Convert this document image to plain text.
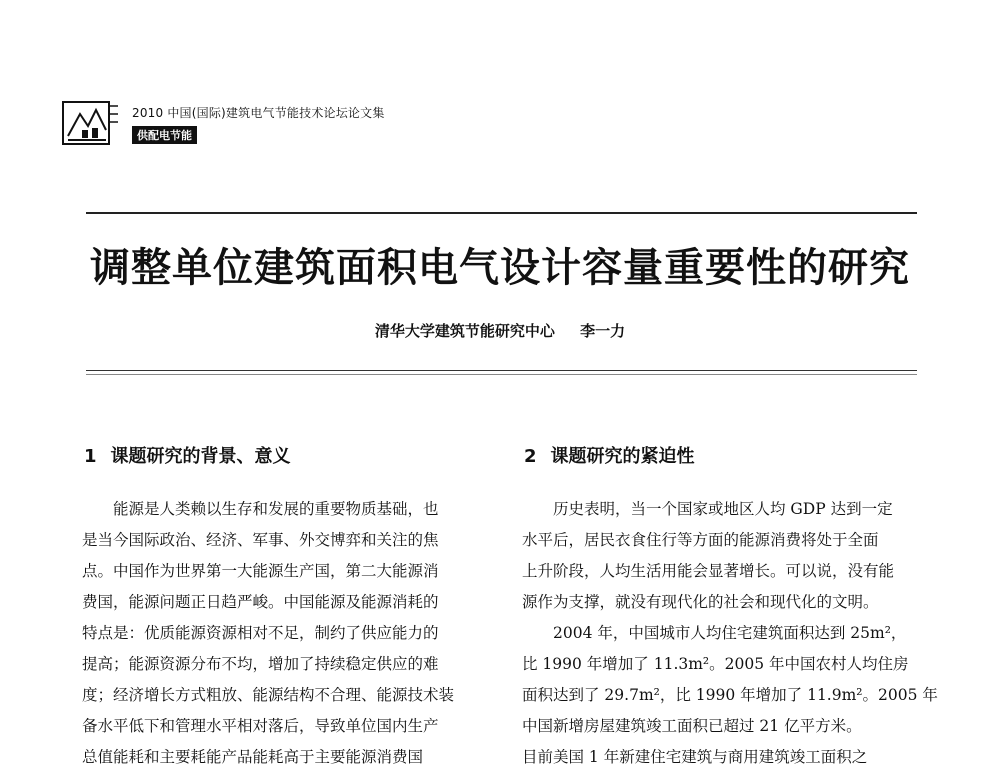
2010 中国(国际)建筑电气节能技术论坛论文集
供配电节能
调整单位建筑面积电气设计容量重要性的研究
清华大学建筑节能研究中心 李一力
1 课题研究的背景、意义

　　能源是人类赖以生存和发展的重要物质基础，也
是当今国际政治、经济、军事、外交博弈和关注的焦
点。中国作为世界第一大能源生产国，第二大能源消
费国，能源问题正日趋严峻。中国能源及能源消耗的
特点是：优质能源资源相对不足，制约了供应能力的
提高；能源资源分布不均，增加了持续稳定供应的难
度；经济增长方式粗放、能源结构不合理、能源技术装
备水平低下和管理水平相对落后，导致单位国内生产
总值能耗和主要耗能产品能耗高于主要能源消费国

2 课题研究的紧迫性

　　历史表明，当一个国家或地区人均 GDP 达到一定
水平后，居民衣食住行等方面的能源消费将处于全面
上升阶段，人均生活用能会显著增长。可以说，没有能
源作为支撑，就没有现代化的社会和现代化的文明。

　　2004 年，中国城市人均住宅建筑面积达到 25m²，
比 1990 年增加了 11.3m²。2005 年中国农村人均住房
面积达到了 29.7m²，比 1990 年增加了 11.9m²。2005 年
中国新增房屋建筑竣工面积已超过 21 亿平方米。
目前美国 1 年新建住宅建筑与商用建筑竣工面积之
